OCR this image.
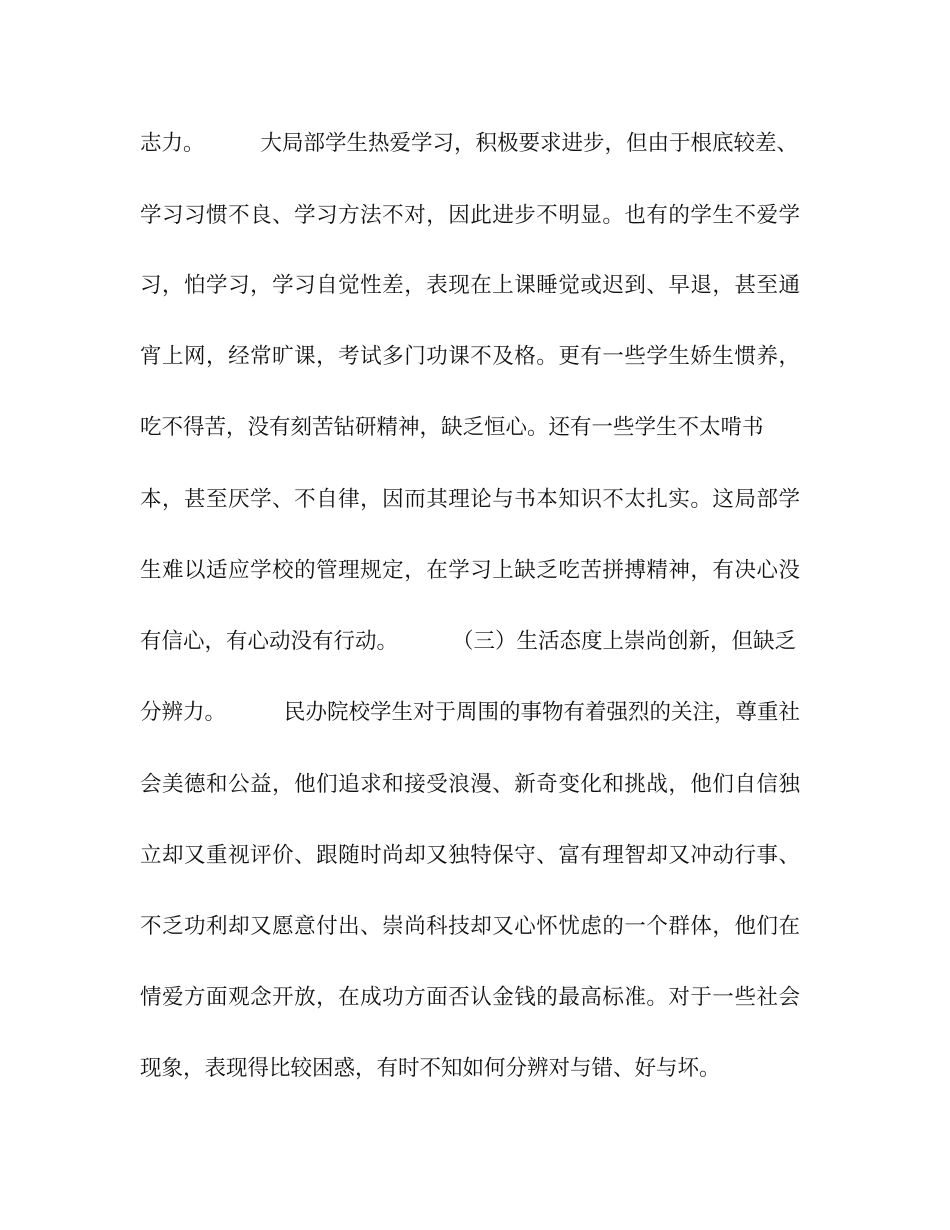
志力。	大局部学生热爱学习，积极要求进步，但由于根底较差、
学习习惯不良、学习方法不对，因此进步不明显。也有的学生不爱学
习，怕学习，学习自觉性差，表现在上课睡觉或迟到、早退，甚至通
宵上网，经常旷课，考试多门功课不及格。更有一些学生娇生惯养，
吃不得苦，没有刻苦钻研精神，缺乏恒心。还有一些学生不太啃书
本，甚至厌学、不自律，因而其理论与书本知识不太扎实。这局部学
生难以适应学校的管理规定，在学习上缺乏吃苦拼搏精神，有决心没
有信心，有心动没有行动。	（三）生活态度上崇尚创新，但缺乏
分辨力。	民办院校学生对于周围的事物有着强烈的关注，尊重社
会美德和公益，他们追求和接受浪漫、新奇变化和挑战，他们自信独
立却又重视评价、跟随时尚却又独特保守、富有理智却又冲动行事、
不乏功利却又愿意付出、崇尚科技却又心怀忧虑的一个群体，他们在
情爱方面观念开放，在成功方面否认金钱的最高标准。对于一些社会
现象，表现得比较困惑，有时不知如何分辨对与错、好与坏。
